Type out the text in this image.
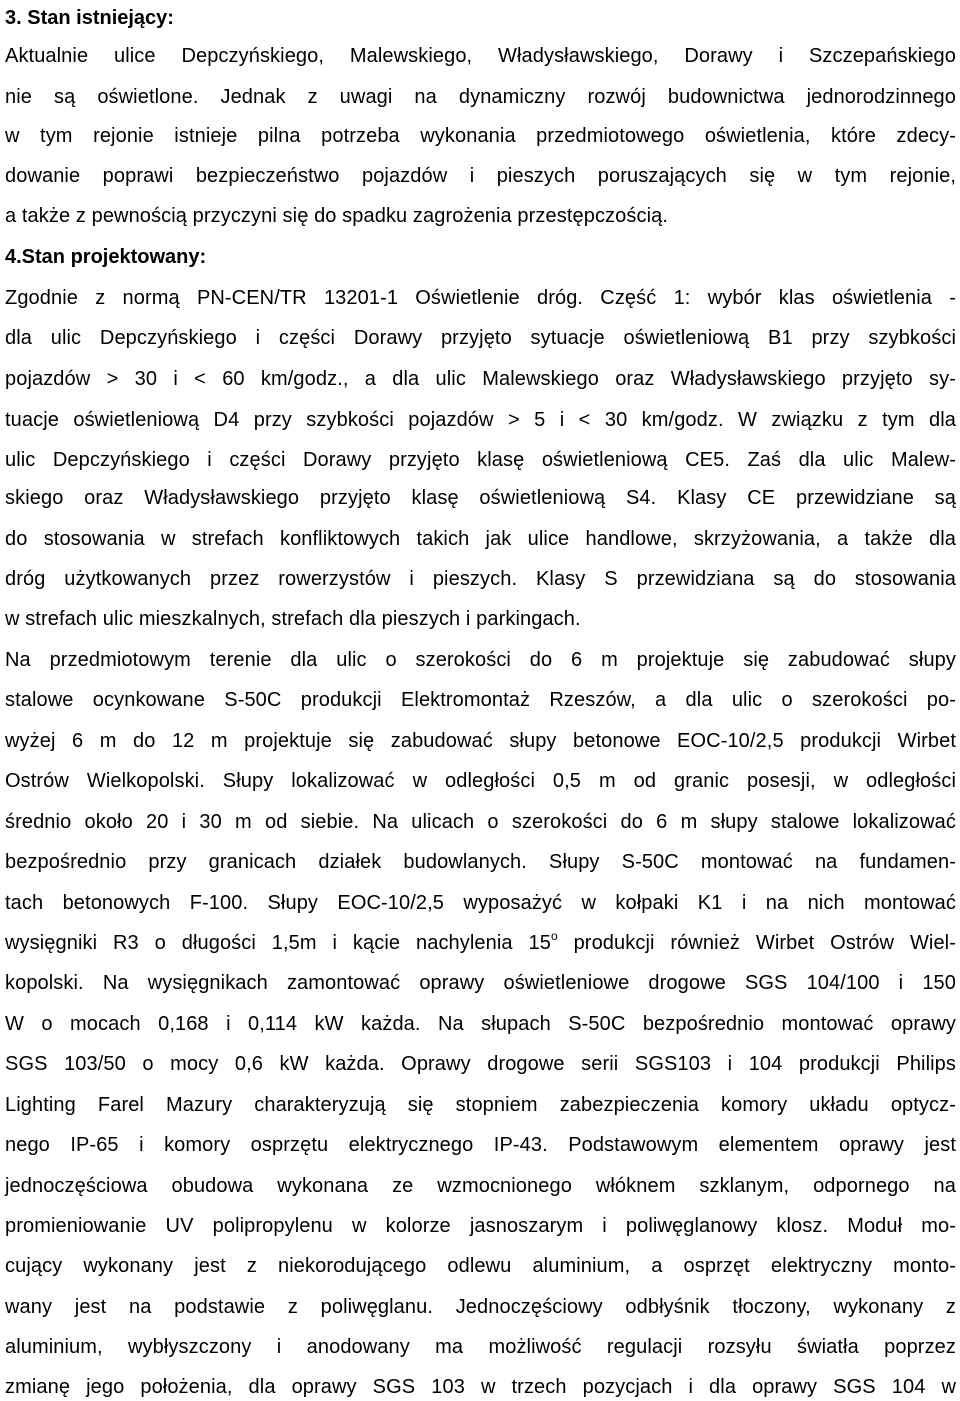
3. Stan istniejący:
Aktualnie ulice Depczyńskiego, Malewskiego, Władysławskiego, Dorawy i Szczepańskiego
nie są oświetlone. Jednak z uwagi na dynamiczny rozwój budownictwa jednorodzinnego
w tym rejonie istnieje pilna potrzeba wykonania przedmiotowego oświetlenia, które zdecy-
dowanie poprawi bezpieczeństwo pojazdów i pieszych poruszających się w tym rejonie,
a także z pewnością przyczyni się do spadku zagrożenia przestępczością.
4.Stan projektowany:
Zgodnie z normą PN-CEN/TR 13201-1 Oświetlenie dróg. Część 1: wybór klas oświetlenia -
dla ulic Depczyńskiego i części Dorawy przyjęto sytuacje oświetleniową B1 przy szybkości
pojazdów > 30 i < 60 km/godz., a dla ulic Malewskiego oraz Władysławskiego przyjęto sy-
tuacje oświetleniową D4 przy szybkości pojazdów > 5 i < 30 km/godz. W związku z tym dla
ulic Depczyńskiego i części Dorawy przyjęto klasę oświetleniową CE5. Zaś dla ulic Malew-
skiego oraz Władysławskiego przyjęto klasę oświetleniową S4. Klasy CE przewidziane są
do stosowania w strefach konfliktowych takich jak ulice handlowe, skrzyżowania, a także dla
dróg użytkowanych przez rowerzystów i pieszych. Klasy S przewidziana są do stosowania
w strefach ulic mieszkalnych, strefach dla pieszych i parkingach.
Na przedmiotowym terenie dla ulic o szerokości do 6 m projektuje się zabudować słupy
stalowe ocynkowane S-50C produkcji Elektromontaż Rzeszów, a dla ulic o szerokości po-
wyżej 6 m do 12 m projektuje się zabudować słupy betonowe EOC-10/2,5 produkcji Wirbet
Ostrów Wielkopolski. Słupy lokalizować w odległości 0,5 m od granic posesji, w odległości
średnio około 20 i 30 m od siebie. Na ulicach o szerokości do 6 m słupy stalowe lokalizować
bezpośrednio przy granicach działek budowlanych. Słupy S-50C montować na fundamen-
tach betonowych F-100. Słupy EOC-10/2,5 wyposażyć w kołpaki K1 i na nich montować
wysięgniki R3 o długości 1,5m i kącie nachylenia 15$^o$ produkcji również Wirbet Ostrów Wiel-
kopolski. Na wysięgnikach zamontować oprawy oświetleniowe drogowe SGS 104/100 i 150
W o mocach 0,168 i 0,114 kW każda. Na słupach S-50C bezpośrednio montować oprawy
SGS 103/50 o mocy 0,6 kW każda. Oprawy drogowe serii SGS103 i 104 produkcji Philips
Lighting Farel Mazury charakteryzują się stopniem zabezpieczenia komory układu optycz-
nego IP-65 i komory osprzętu elektrycznego IP-43. Podstawowym elementem oprawy jest
jednoczęściowa obudowa wykonana ze wzmocnionego włóknem szklanym, odpornego na
promieniowanie UV polipropylenu w kolorze jasnoszarym i poliwęglanowy klosz. Moduł mo-
cujący wykonany jest z niekorodującego odlewu aluminium, a osprzęt elektryczny monto-
wany jest na podstawie z poliwęglanu. Jednoczęściowy odbłyśnik tłoczony, wykonany z
aluminium, wybłyszczony i anodowany ma możliwość regulacji rozsyłu światła poprzez
zmianę jego położenia, dla oprawy SGS 103 w trzech pozycjach i dla oprawy SGS 104 w
